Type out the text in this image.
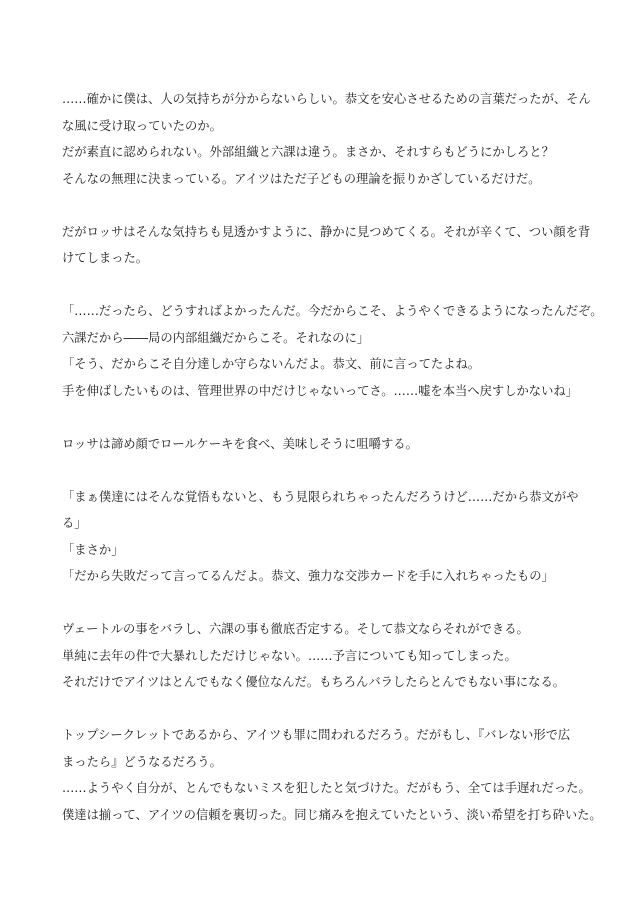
……確かに僕は、人の気持ちが分からないらしい。恭文を安心させるための言葉だったが、そん
な風に受け取っていたのか。
だが素直に認められない。外部組織と六課は違う。まさか、それすらもどうにかしろと？
そんなの無理に決まっている。アイツはただ子どもの理論を振りかざしているだけだ。
だがロッサはそんな気持ちも見透かすように、静かに見つめてくる。それが辛くて、つい顔を背
けてしまった。
「……だったら、どうすればよかったんだ。今だからこそ、ようやくできるようになったんだぞ。
六課だから――局の内部組織だからこそ。それなのに」
「そう、だからこそ自分達しか守らないんだよ。恭文、前に言ってたよね。
手を伸ばしたいものは、管理世界の中だけじゃないってさ。……嘘を本当へ戻すしかないね」
ロッサは諦め顔でロールケーキを食べ、美味しそうに咀嚼する。
「まぁ僕達にはそんな覚悟もないと、もう見限られちゃったんだろうけど……だから恭文がや
る」
「まさか」
「だから失敗だって言ってるんだよ。恭文、強力な交渉カードを手に入れちゃったもの」
ヴェートルの事をバラし、六課の事も徹底否定する。そして恭文ならそれができる。
単純に去年の件で大暴れしただけじゃない。……予言についても知ってしまった。
それだけでアイツはとんでもなく優位なんだ。もちろんバラしたらとんでもない事になる。
トップシークレットであるから、アイツも罪に問われるだろう。だがもし、『バレない形で広
まったら』どうなるだろう。
……ようやく自分が、とんでもないミスを犯したと気づけた。だがもう、全ては手遅れだった。
僕達は揃って、アイツの信頼を裏切った。同じ痛みを抱えていたという、淡い希望を打ち砕いた。
